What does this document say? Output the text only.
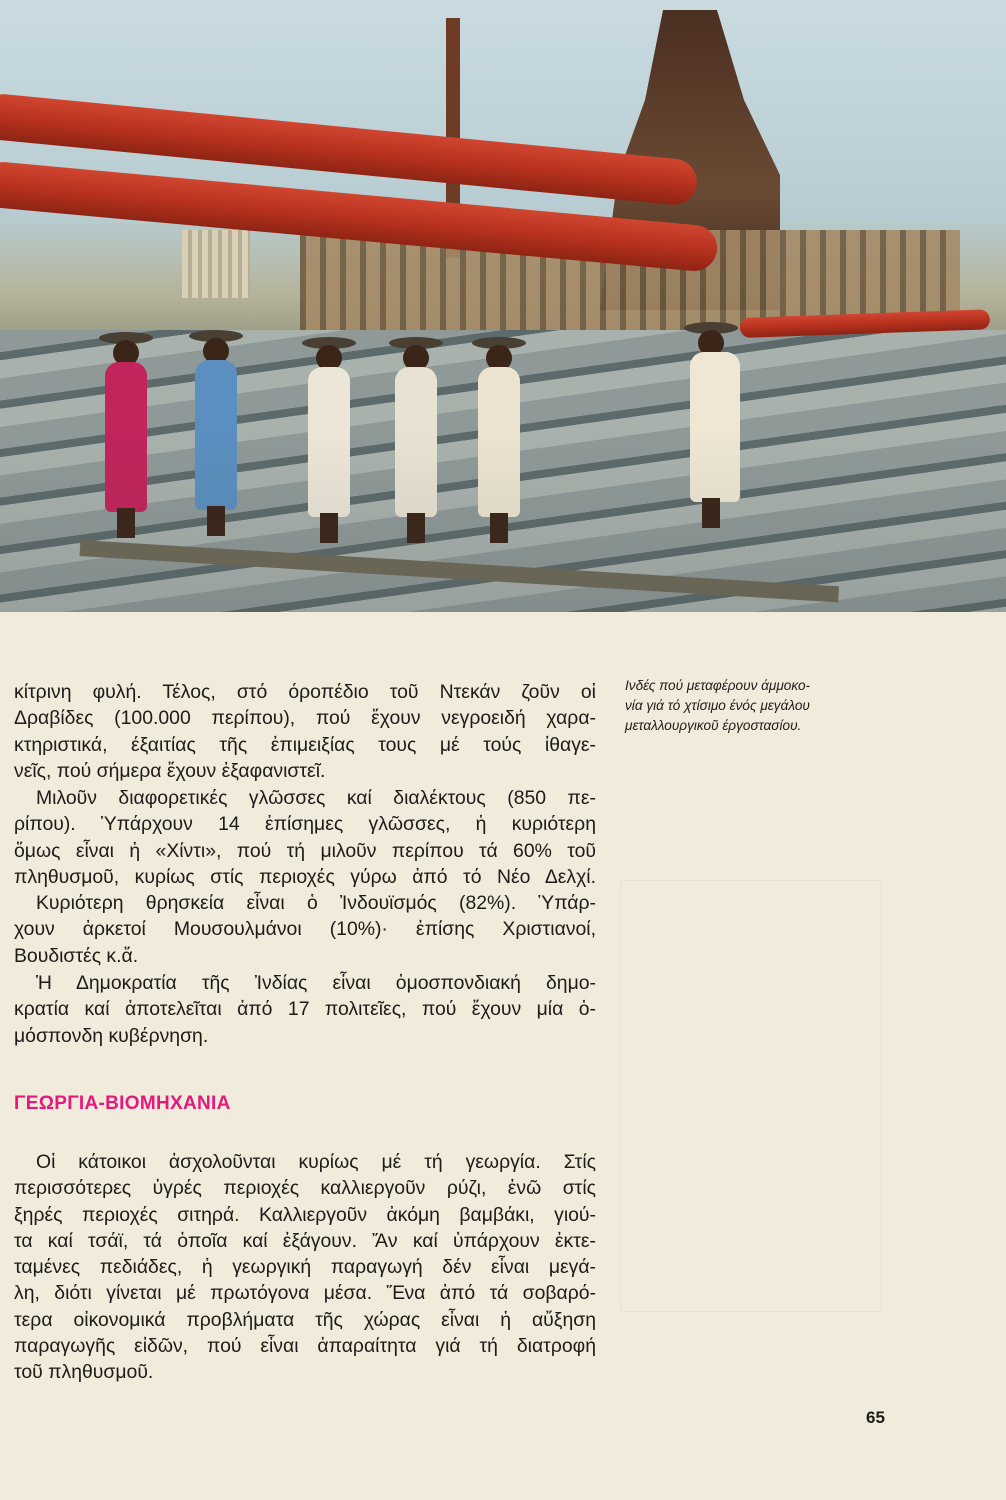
Ινδές πού μεταφέρουν άμμοκο-
νία γιά τό χτίσιμο ένός μεγάλου
μεταλλουργικοῦ έργοστασίου.
κίτρινη φυλή. Τέλος, στό όροπέδιο τοῦ Ντεκάν ζοῦν οἱ
Δραβίδες (100.000 περίπου), πού ἔχουν νεγροειδή χαρα-
κτηριστικά, έξαιτίας τῆς ἐπιμειξίας τους μέ τούς ἰθαγε-
νεῖς, πού σήμερα ἔχουν ἐξαφανιστεῖ.
Μιλοῦν διαφορετικές γλῶσσες καί διαλέκτους (850 πε-
ρίπου). Ὑπάρχουν 14 ἐπίσημες γλῶσσες, ἡ κυριότερη
ὅμως εἶναι ἡ «Χίντι», πού τή μιλοῦν περίπου τά 60% τοῦ
πληθυσμοῦ, κυρίως στίς περιοχές γύρω ἀπό τό Νέο Δελχί.
Κυριότερη θρησκεία εἶναι ὁ Ἰνδουϊσμός (82%). Ὑπάρ-
χουν ἀρκετοί Μουσουλμάνοι (10%)· ἐπίσης Χριστιανοί,
Βουδιστές κ.ἄ.
Ἡ Δημοκρατία τῆς Ἰνδίας εἶναι ὁμοσπονδιακή δημο-
κρατία καί ἀποτελεῖται ἀπό 17 πολιτεῖες, πού ἔχουν μία ὁ-
μόσπονδη κυβέρνηση.
ΓΕΩΡΓΙΑ-ΒΙΟΜΗΧΑΝΙΑ
Οἱ κάτοικοι ἀσχολοῦνται κυρίως μέ τή γεωργία. Στίς
περισσότερες ὑγρές περιοχές καλλιεργοῦν ρύζι, ἐνῶ στίς
ξηρές περιοχές σιτηρά. Καλλιεργοῦν ἀκόμη βαμβάκι, γιού-
τα καί τσάϊ, τά ὁποῖα καί ἐξάγουν. Ἄν καί ὑπάρχουν ἐκτε-
ταμένες πεδιάδες, ἡ γεωργική παραγωγή δέν εἶναι μεγά-
λη, διότι γίνεται μέ πρωτόγονα μέσα. Ἕνα ἀπό τά σοβαρό-
τερα οἰκονομικά προβλήματα τῆς χώρας εἶναι ἡ αὔξηση
παραγωγῆς εἰδῶν, πού εἶναι ἀπαραίτητα γιά τή διατροφή
τοῦ πληθυσμοῦ.
65
